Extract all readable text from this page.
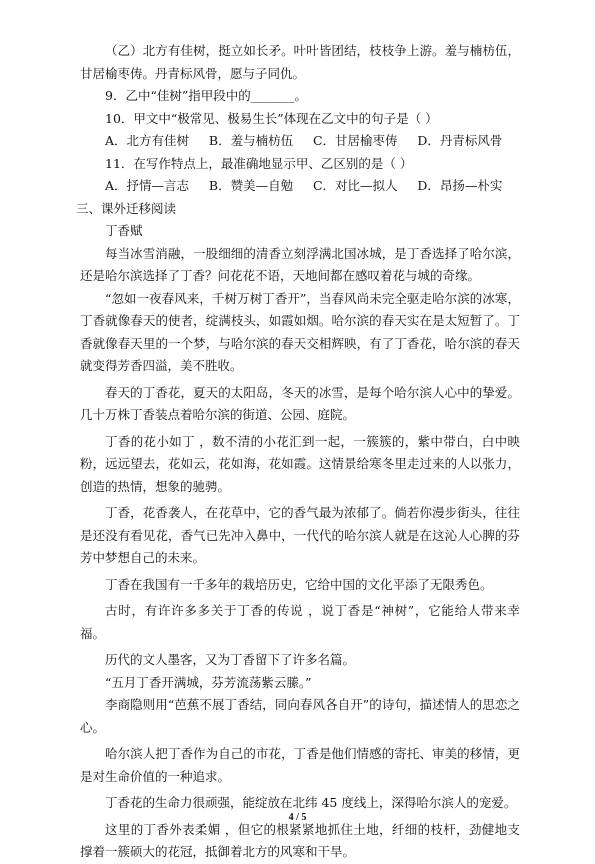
（乙）北方有佳树，挺立如长矛。叶叶皆团结，枝枝争上游。羞与楠枋伍，甘居榆枣俦。丹青标风骨，愿与子同仇。

9．乙中“佳树”指甲段中的_______。

10．甲文中“极常见、极易生长”体现在乙文中的句子是（ ）

A．北方有佳树     B．羞与楠枋伍     C．甘居榆枣俦     D．丹青标风骨

11．在写作特点上，最准确地显示甲、乙区别的是（ ）

A．抒情—言志     B．赞美—自勉     C．对比—拟人     D．昂扬—朴实

三、课外迁移阅读

丁香赋

每当冰雪消融，一股细细的清香立刻浮满北国冰城，是丁香选择了哈尔滨，还是哈尔滨选择了丁香？问花花不语，天地间都在感叹着花与城的奇缘。

“忽如一夜春风来，千树万树丁香开”，当春风尚未完全驱走哈尔滨的冰寒，丁香就像春天的使者，绽满枝头，如霞如烟。哈尔滨的春天实在是太短暂了。丁香就像春天里的一个梦，与哈尔滨的春天交相辉映，有了丁香花，哈尔滨的春天就变得芳香四溢，美不胜收。

春天的丁香花，夏天的太阳岛，冬天的冰雪，是每个哈尔滨人心中的挚爱。几十万株丁香装点着哈尔滨的街道、公园、庭院。

丁香的花小如丁 ，数不清的小花汇到一起，一簇簇的，紫中带白，白中映粉，远远望去，花如云，花如海，花如霞。这情景给寒冬里走过来的人以张力，创造的热情，想象的驰骋。

丁香，花香袭人，在花草中，它的香气最为浓郁了。倘若你漫步街头，往往是还没有看见花，香气已先冲入鼻中，一代代的哈尔滨人就是在这沁人心脾的芬芳中梦想自己的未来。

丁香在我国有一千多年的栽培历史，它给中国的文化平添了无限秀色。

古时，有许许多多关于丁香的传说 ，说丁香是“神树”，它能给人带来幸福。

历代的文人墨客，又为丁香留下了许多名篇。

“五月丁香开满城，芬芳流荡紫云縢。”

李商隐则用“芭蕉不展丁香结，同向春风各自开”的诗句，描述情人的思恋之心。

哈尔滨人把丁香作为自己的市花，丁香是他们情感的寄托、审美的移情，更是对生命价值的一种追求。

丁香花的生命力很顽强，能绽放在北纬 45 度线上，深得哈尔滨人的宠爱。

这里的丁香外表柔媚 ，但它的根紧紧地抓住土地，纤细的枝杆，劲健地支撑着一簇硕大的花冠，抵御着北方的风寒和干旱。

4 / 5
